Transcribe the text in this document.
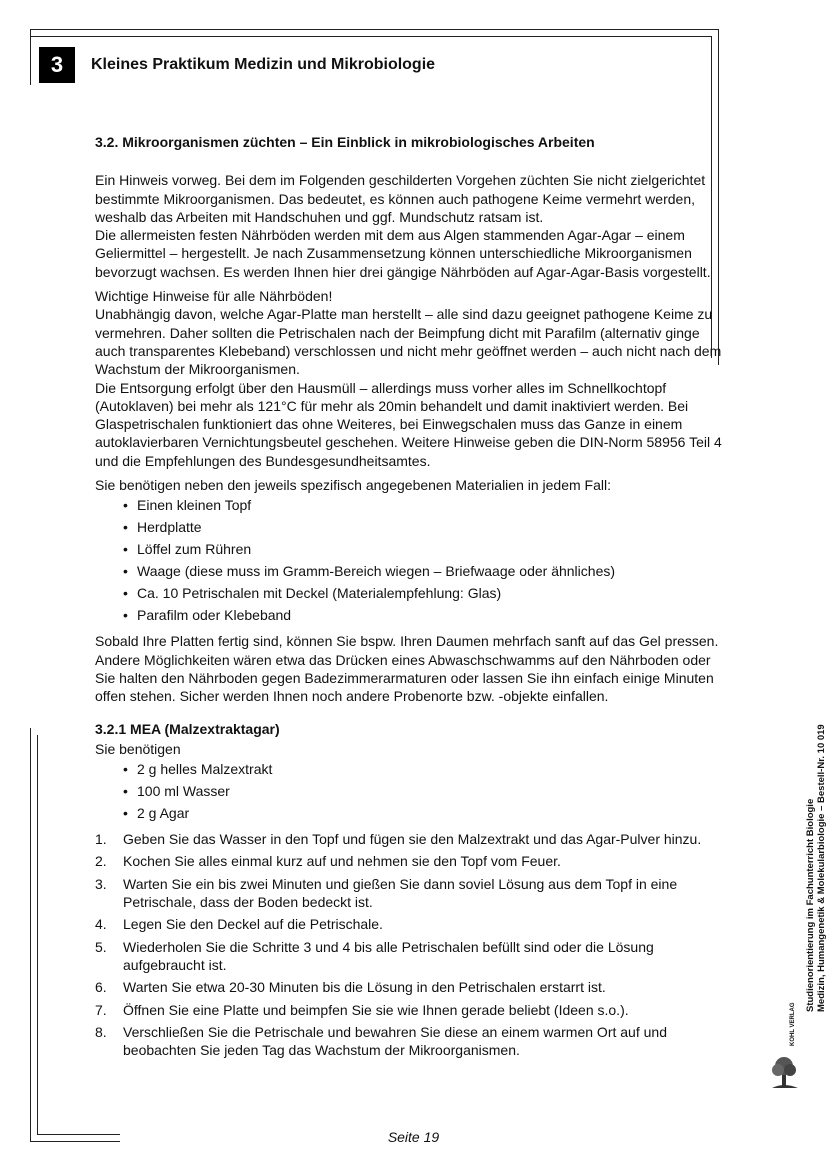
3 Kleines Praktikum Medizin und Mikrobiologie
3.2. Mikroorganismen züchten – Ein Einblick in mikrobiologisches Arbeiten

Ein Hinweis vorweg. Bei dem im Folgenden geschilderten Vorgehen züchten Sie nicht zielgerichtet bestimmte Mikroorganismen. Das bedeutet, es können auch pathogene Keime vermehrt werden, weshalb das Arbeiten mit Handschuhen und ggf. Mundschutz ratsam ist.
Die allermeisten festen Nährböden werden mit dem aus Algen stammenden Agar-Agar – einem Geliermittel – hergestellt. Je nach Zusammensetzung können unterschiedliche Mikroorganismen bevorzugt wachsen. Es werden Ihnen hier drei gängige Nährböden auf Agar-Agar-Basis vorgestellt.

Wichtige Hinweise für alle Nährböden!
Unabhängig davon, welche Agar-Platte man herstellt – alle sind dazu geeignet pathogene Keime zu vermehren. Daher sollten die Petrischalen nach der Beimpfung dicht mit Parafilm (alternativ ginge auch transparentes Klebeband) verschlossen und nicht mehr geöffnet werden – auch nicht nach dem Wachstum der Mikroorganismen.
Die Entsorgung erfolgt über den Hausmüll – allerdings muss vorher alles im Schnellkochtopf (Autoklaven) bei mehr als 121°C für mehr als 20min behandelt und damit inaktiviert werden. Bei Glaspetrischalen funktioniert das ohne Weiteres, bei Einwegschalen muss das Ganze in einem autoklavierbaren Vernichtungsbeutel geschehen. Weitere Hinweise geben die DIN-Norm 58956 Teil 4 und die Empfehlungen des Bundesgesundheitsamtes.

Sie benötigen neben den jeweils spezifisch angegebenen Materialien in jedem Fall:

• Einen kleinen Topf
• Herdplatte
• Löffel zum Rühren
• Waage (diese muss im Gramm-Bereich wiegen – Briefwaage oder ähnliches)
• Ca. 10 Petrischalen mit Deckel (Materialempfehlung: Glas)
• Parafilm oder Klebeband

Sobald Ihre Platten fertig sind, können Sie bspw. Ihren Daumen mehrfach sanft auf das Gel pressen. Andere Möglichkeiten wären etwa das Drücken eines Abwaschschwamms auf den Nährboden oder Sie halten den Nährboden gegen Badezimmerarmaturen oder lassen Sie ihn einfach einige Minuten offen stehen. Sicher werden Ihnen noch andere Probenorte bzw. -objekte einfallen.

3.2.1 MEA (Malzextraktagar)
Sie benötigen
• 2 g helles Malzextrakt
• 100 ml Wasser
• 2 g Agar
1. Geben Sie das Wasser in den Topf und fügen sie den Malzextrakt und das Agar-Pulver hinzu.
2. Kochen Sie alles einmal kurz auf und nehmen sie den Topf vom Feuer.
3. Warten Sie ein bis zwei Minuten und gießen Sie dann soviel Lösung aus dem Topf in eine Petrischale, dass der Boden bedeckt ist.
4. Legen Sie den Deckel auf die Petrischale.
5. Wiederholen Sie die Schritte 3 und 4 bis alle Petrischalen befüllt sind oder die Lösung aufgebraucht ist.
6. Warten Sie etwa 20-30 Minuten bis die Lösung in den Petrischalen erstarrt ist.
7. Öffnen Sie eine Platte und beimpfen Sie sie wie Ihnen gerade beliebt (Ideen s.o.).
8. Verschließen Sie die Petrischale und bewahren Sie diese an einem warmen Ort auf und beobachten Sie jeden Tag das Wachstum der Mikroorganismen.
Studienorientierung im Fachunterricht Biologie Medizin, Humangenetik & Molekularbiologie – Bestell-Nr. 10 019
KOHL VERLAG
Seite 19
